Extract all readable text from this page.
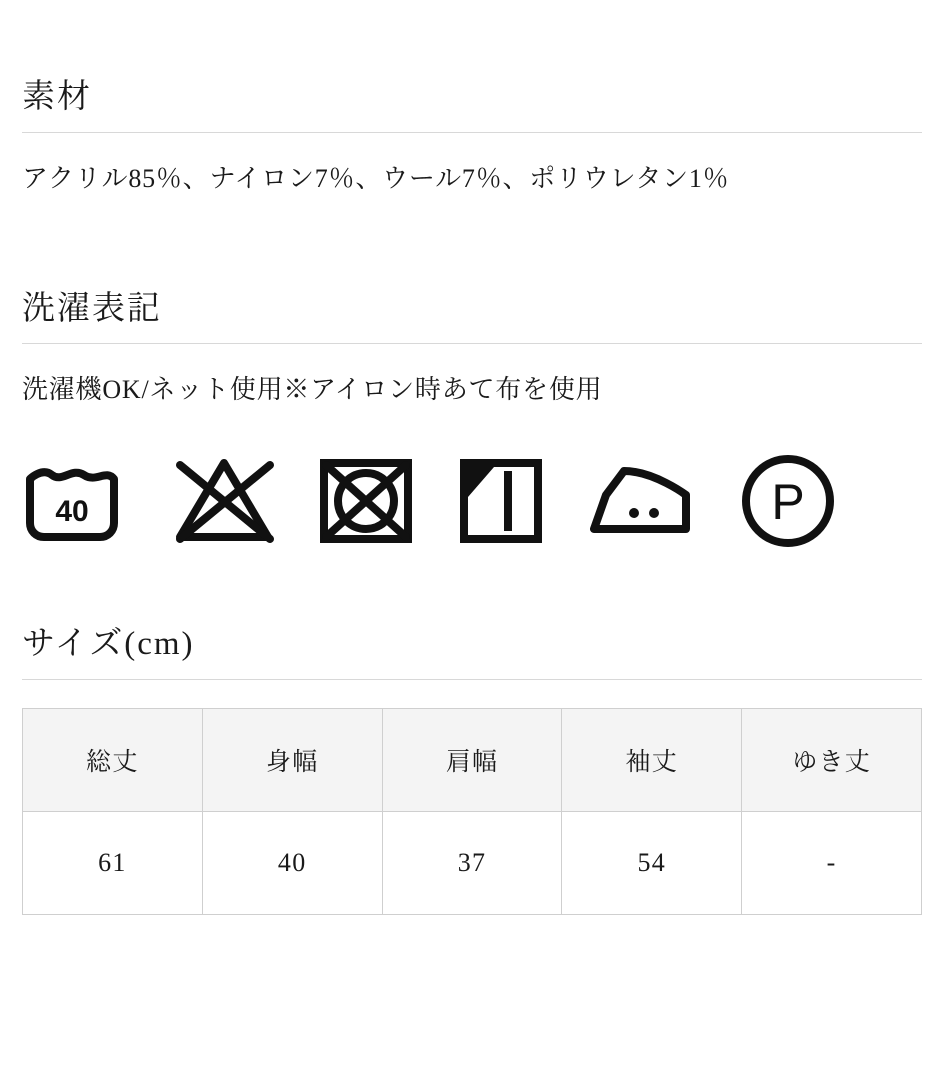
素材

アクリル85％、ナイロン7％、ウール7％、ポリウレタン1％

洗濯表記

洗濯機OK/ネット使用※アイロン時あて布を使用

40	P
サイズ(cm)
総丈	身幅	肩幅	袖丈	ゆき丈
61	40	37	54	-
